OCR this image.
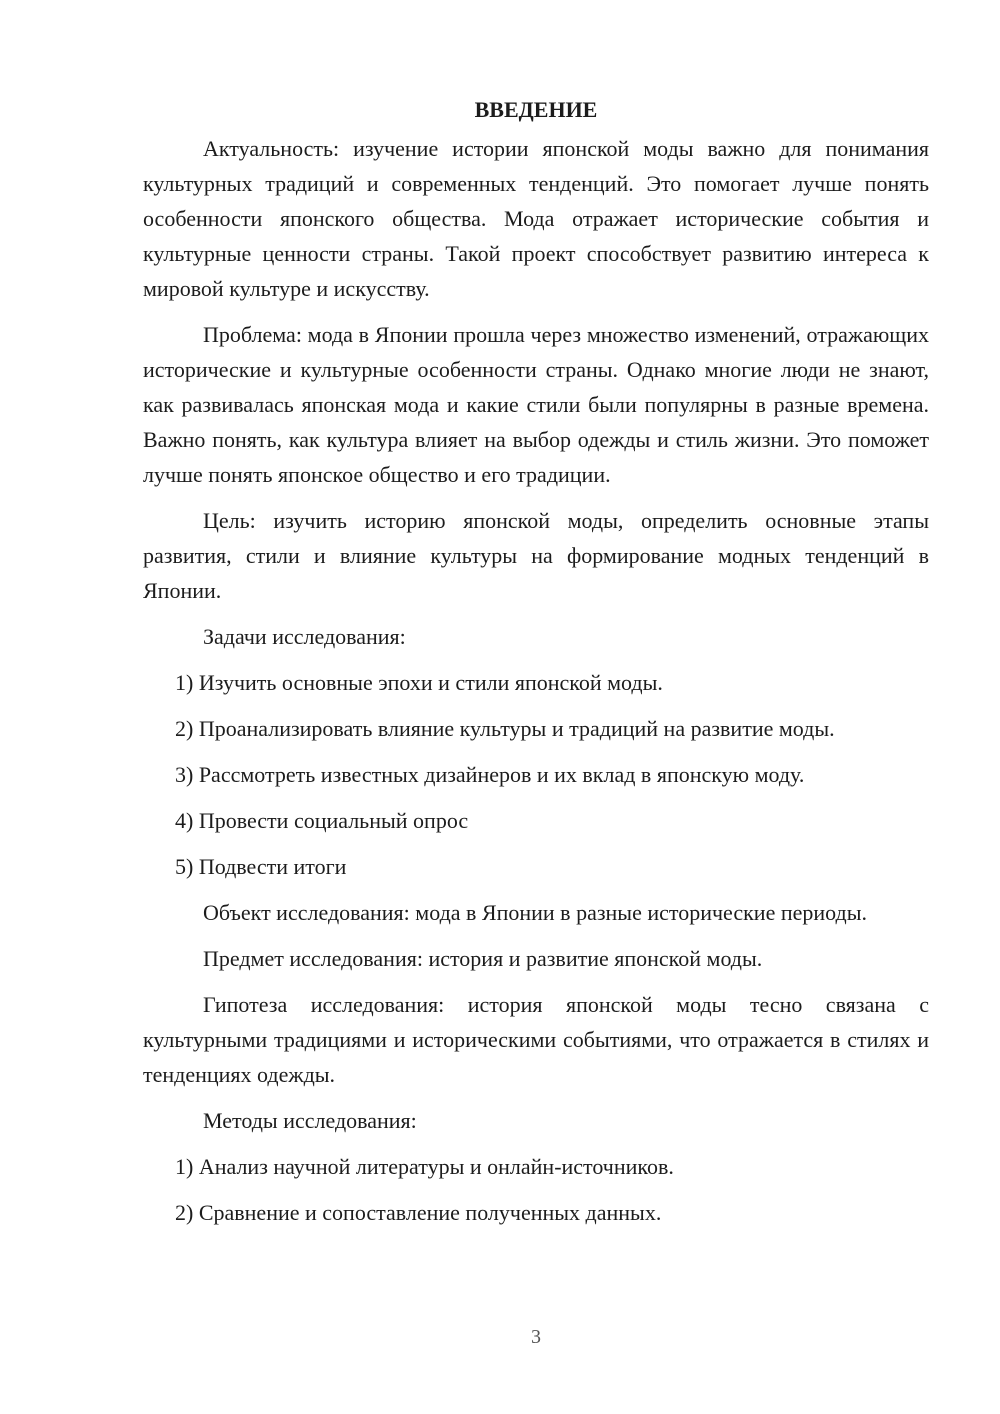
ВВЕДЕНИЕ

Актуальность: изучение истории японской моды важно для понимания культурных традиций и современных тенденций. Это помогает лучше понять особенности японского общества. Мода отражает исторические события и культурные ценности страны. Такой проект способствует развитию интереса к мировой культуре и искусству.

Проблема: мода в Японии прошла через множество изменений, отражающих исторические и культурные особенности страны. Однако многие люди не знают, как развивалась японская мода и какие стили были популярны в разные времена. Важно понять, как культура влияет на выбор одежды и стиль жизни. Это поможет лучше понять японское общество и его традиции.

Цель: изучить историю японской моды, определить основные этапы развития, стили и влияние культуры на формирование модных тенденций в Японии.

Задачи исследования:
1) Изучить основные эпохи и стили японской моды.
2) Проанализировать влияние культуры и традиций на развитие моды.
3) Рассмотреть известных дизайнеров и их вклад в японскую моду.
4) Провести социальный опрос
5) Подвести итоги

Объект исследования: мода в Японии в разные исторические периоды.

Предмет исследования: история и развитие японской моды.

Гипотеза исследования: история японской моды тесно связана с культурными традициями и историческими событиями, что отражается в стилях и тенденциях одежды.

Методы исследования:
1) Анализ научной литературы и онлайн-источников.
2) Сравнение и сопоставление полученных данных.
3
